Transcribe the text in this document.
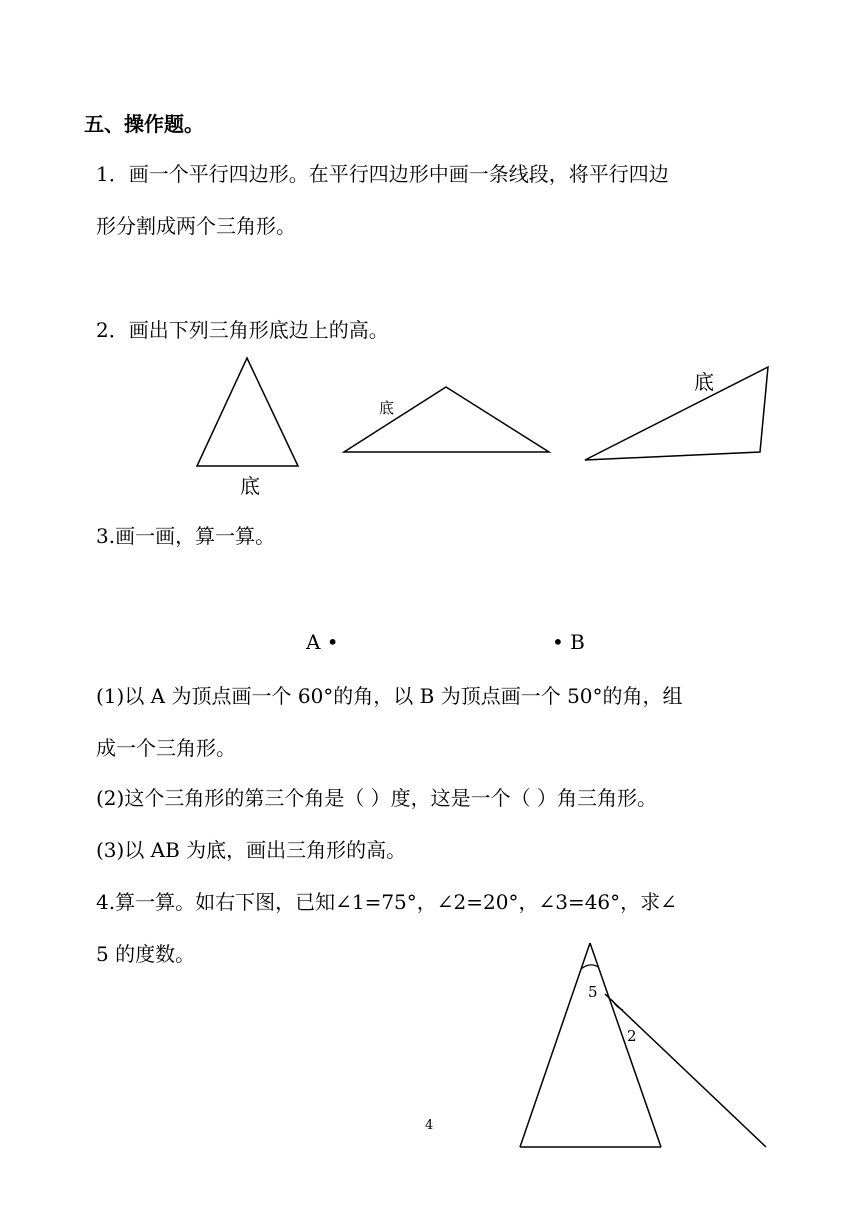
五、操作题。
1．画一个平行四边形。在平行四边形中画一条线段，将平行四边
形分割成两个三角形。
2．画出下列三角形底边上的高。
底
底
底
3.画一画，算一算。
A •	• B
(1)以 A 为顶点画一个 60°的角，以 B 为顶点画一个 50°的角，组
成一个三角形。
(2)这个三角形的第三个角是（ ）度，这是一个（ ）角三角形。
(3)以 AB 为底，画出三角形的高。
4.算一算。如右下图，已知∠1=75°，∠2=20°，∠3=46°，求∠
5 的度数。
5
2
4
